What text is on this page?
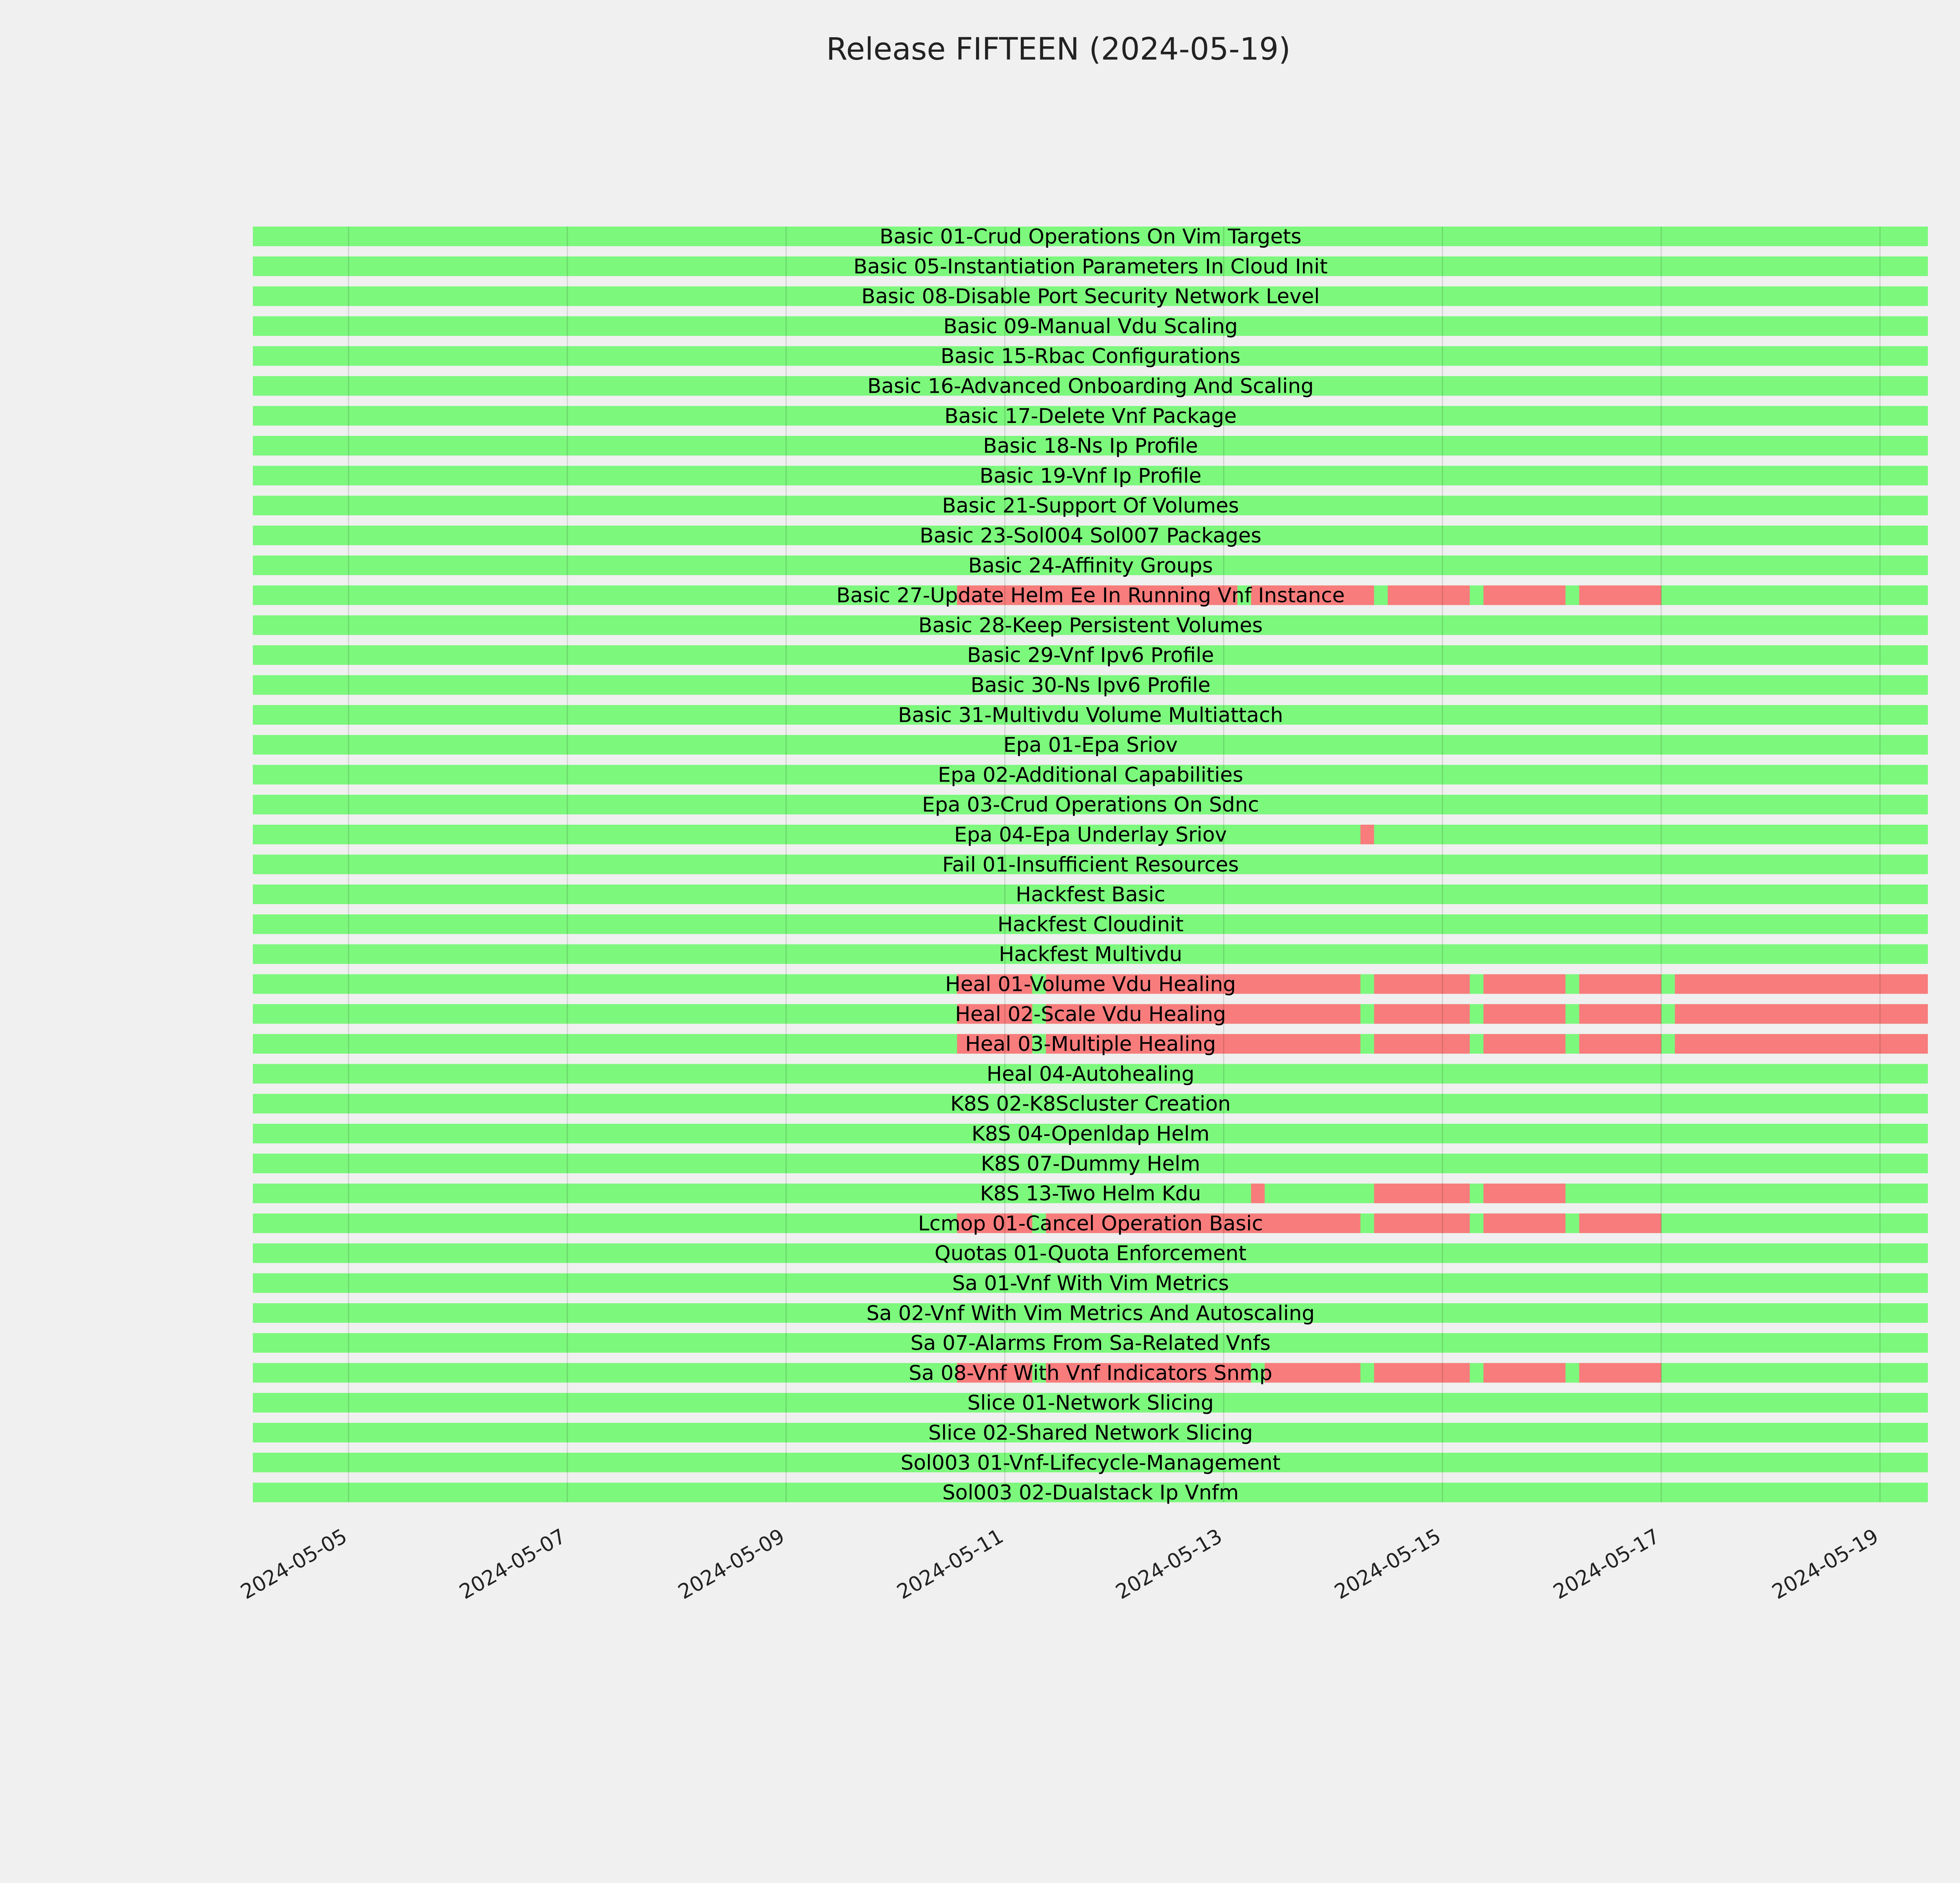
Release FIFTEEN (2024-05-19)
Basic 01-Crud Operations On Vim Targets
Basic 05-Instantiation Parameters In Cloud Init
Basic 08-Disable Port Security Network Level
Basic 09-Manual Vdu Scaling
Basic 15-Rbac Configurations
Basic 16-Advanced Onboarding And Scaling
Basic 17-Delete Vnf Package
Basic 18-Ns Ip Profile
Basic 19-Vnf Ip Profile
Basic 21-Support Of Volumes
Basic 23-Sol004 Sol007 Packages
Basic 24-Affinity Groups
Basic 27-Update Helm Ee In Running Vnf Instance
Basic 28-Keep Persistent Volumes
Basic 29-Vnf Ipv6 Profile
Basic 30-Ns Ipv6 Profile
Basic 31-Multivdu Volume Multiattach
Epa 01-Epa Sriov
Epa 02-Additional Capabilities
Epa 03-Crud Operations On Sdnc
Epa 04-Epa Underlay Sriov
Fail 01-Insufficient Resources
Hackfest Basic
Hackfest Cloudinit
Hackfest Multivdu
Heal 01-Volume Vdu Healing
Heal 02-Scale Vdu Healing
Heal 03-Multiple Healing
Heal 04-Autohealing
K8S 02-K8Scluster Creation
K8S 04-Openldap Helm
K8S 07-Dummy Helm
K8S 13-Two Helm Kdu
Lcmop 01-Cancel Operation Basic
Quotas 01-Quota Enforcement
Sa 01-Vnf With Vim Metrics
Sa 02-Vnf With Vim Metrics And Autoscaling
Sa 07-Alarms From Sa-Related Vnfs
Sa 08-Vnf With Vnf Indicators Snmp
Slice 01-Network Slicing
Slice 02-Shared Network Slicing
Sol003 01-Vnf-Lifecycle-Management
Sol003 02-Dualstack Ip Vnfm
2024-05-05	2024-05-07	2024-05-09	2024-05-11	2024-05-13	2024-05-15	2024-05-17	2024-05-19
